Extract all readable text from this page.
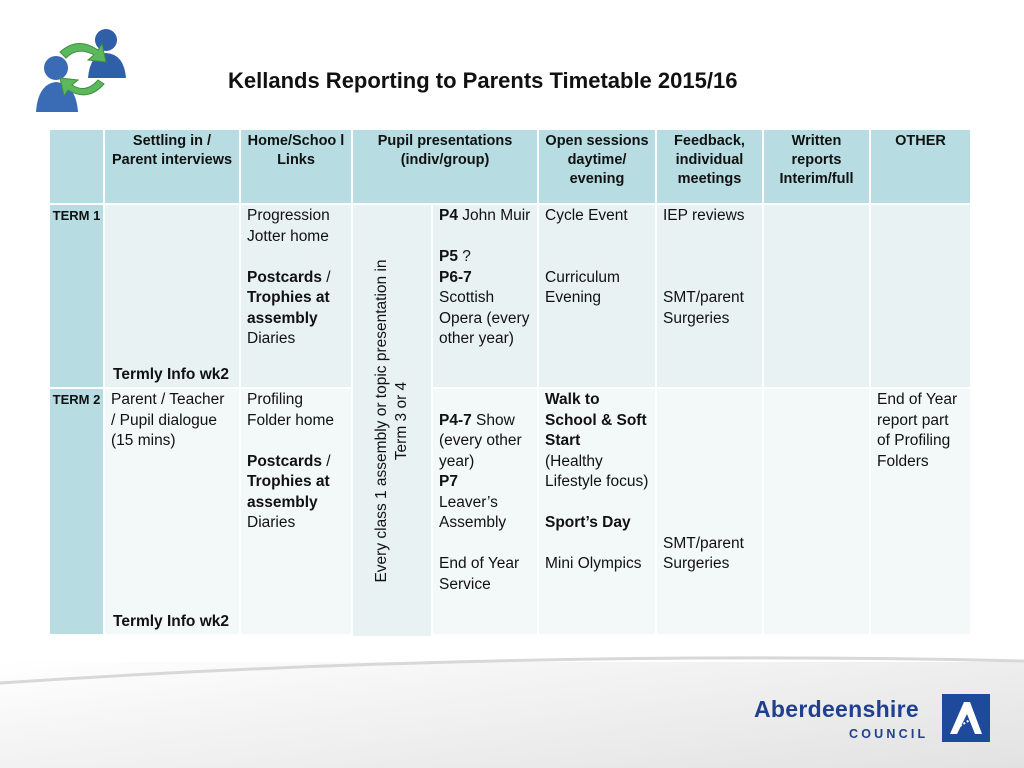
Kellands Reporting to Parents Timetable 2015/16
Settling in / Parent interviews
Home/Schoo l Links
Pupil presentations (indiv/group)
Open sessions daytime/ evening
Feedback, individual meetings
Written reports Interim/full
OTHER
TERM 1
Termly Info wk2
Progression Jotter home
Postcards / Trophies at assembly
Diaries	Every class 1 assembly or topic presentation in Term 3 or 4
P4 John Muir
P5 ?
P6-7
Scottish Opera (every other year)
Cycle Event
Curriculum Evening
IEP reviews
SMT/parent Surgeries
TERM 2 Parent / Teacher / Pupil dialogue
(15 mins)
Termly Info wk2
Profiling Folder home
Postcards / Trophies at assembly
Diaries
P4-7 Show (every other year)
P7
Leaver’s Assembly
End of Year Service
Walk to School & Soft Start
(Healthy Lifestyle focus)
Sport’s Day
Mini Olympics
SMT/parent Surgeries
End of Year report part of Profiling Folders
Aberdeenshire
COUNCIL
